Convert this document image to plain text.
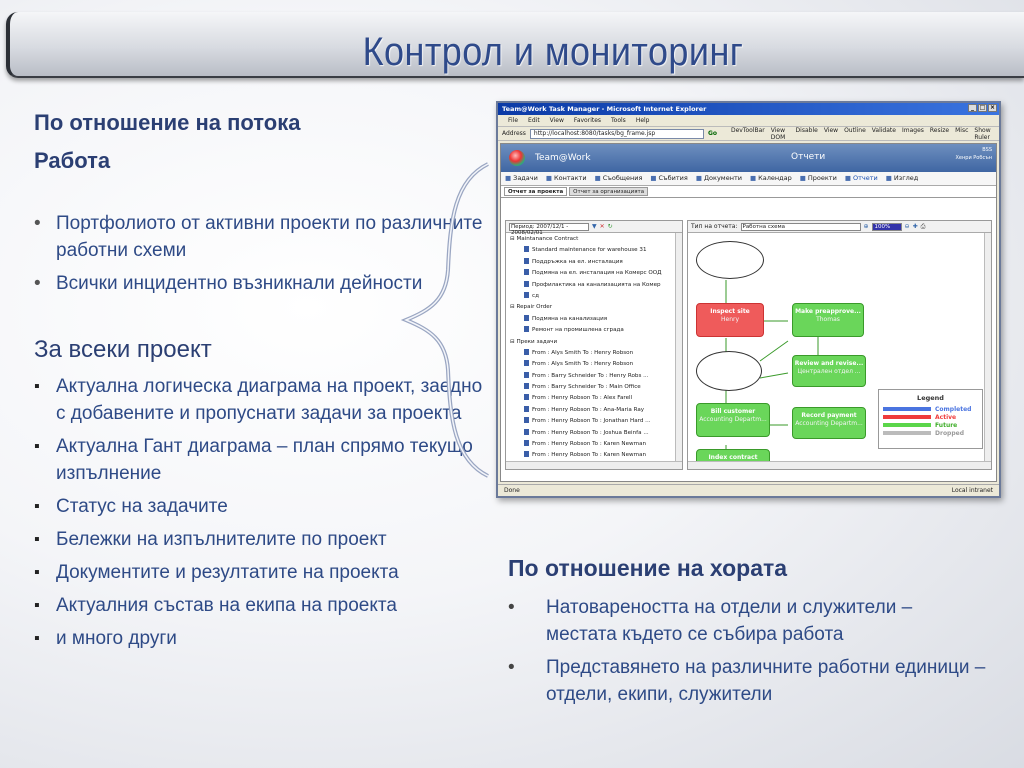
Контрол и мониторинг
По отношение на потока
Работа
• Портфолиото от активни проекти по различните работни схеми
• Всички инцидентно възникнали дейности
За всеки проект
▪ Актуална логическа диаграма на проект, заедно с добавените и пропуснати задачи за проекта
▪ Актуална Гант диаграма – план спрямо текущо изпълнение
▪ Статус на задачите
▪ Бележки на изпълнителите по проект
▪ Документите и резултатите на проекта
▪ Актуалния състав на екипа на проекта
▪ и много други
По отношение на хората
• Натовареността на отдели и служители – местата където се събира работа
• Представянето на различните работни единици – отдели, екипи, служители
Team@Work Task Manager - Microsoft Internet Explorer	_ □ ×
File Edit View Favorites Tools Help
Address	http://localhost:8080/tasks/bg_frame.jsp	Go DevToolBar View DOM
Disable View Outline Validate Images Resize Misc Show Ruler
Team@Work	Отчети
BSS
Хенри Робсън
■ Задачи	■ Контакти	■ Съобщения	■ Събития	■ Документи	■ Календар	■ Проекти	■ Отчети	■ Изглед
Отчет за проекта	Отчет за организацията
Период: 2007/12/1 - 2008/02/01
▼ ✕ ↻
⊟ Maintanance Contract
Standard maintenance for warehouse 31
Поддръжка на ел. инсталация
Подмяна на ел. инсталация на Комерс ООД
Профилактика на канализацията на Комер
сд
⊟ Repair Order
Подмяна на канализация
Ремонт на промишлена сграда
⊟ Преки задачи
From : Alys Smith To : Henry Robson
From : Alys Smith To : Henry Robson
From : Barry Schneider To : Henry Robs ...
From : Barry Schneider To : Main Office
From : Henry Robson To : Alex Farell
From : Henry Robson To : Ana-Maria Ray
From : Henry Robson To : Jonathan Hard ...
From : Henry Robson To : Joshua Beinfa ...
From : Henry Robson To : Karen Newman
From : Henry Robson To : Karen Newman
Тип на отчета: Работна схема	⊕	100%	⊖ ✚ ⎙
Inspect site
Henry
Make preapprove...
Thomas
Review and revise...
Централен отдел ...
Bill customer
Accounting Departm...
Record payment
Accounting Departm...
Index contract
Legend
Completed
Active
Future
Dropped
Done	Local intranet
